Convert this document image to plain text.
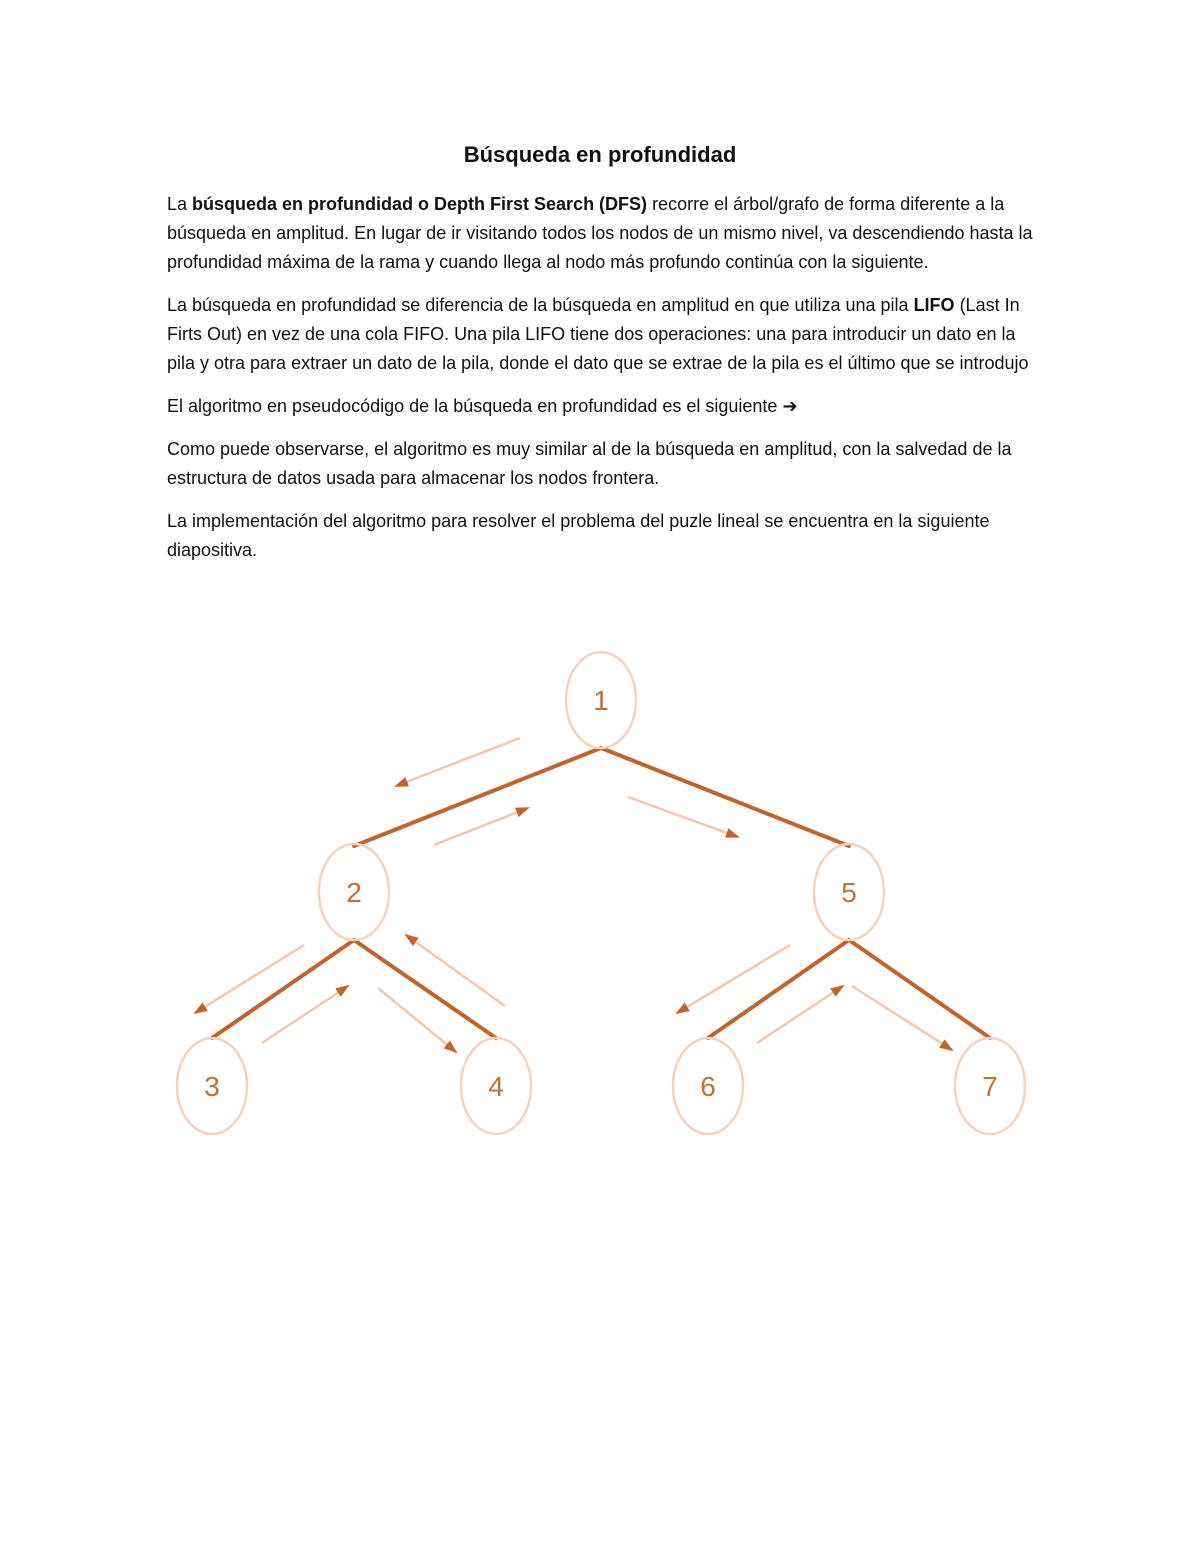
Búsqueda en profundidad

La búsqueda en profundidad o Depth First Search (DFS) recorre el árbol/grafo de forma diferente a la búsqueda en amplitud. En lugar de ir visitando todos los nodos de un mismo nivel, va descendiendo hasta la profundidad máxima de la rama y cuando llega al nodo más profundo continúa con la siguiente.

La búsqueda en profundidad se diferencia de la búsqueda en amplitud en que utiliza una pila LIFO (Last In Firts Out) en vez de una cola FIFO. Una pila LIFO tiene dos operaciones: una para introducir un dato en la pila y otra para extraer un dato de la pila, donde el dato que se extrae de la pila es el último que se introdujo

El algoritmo en pseudocódigo de la búsqueda en profundidad es el siguiente ➔

Como puede observarse, el algoritmo es muy similar al de la búsqueda en amplitud, con la salvedad de la estructura de datos usada para almacenar los nodos frontera.

La implementación del algoritmo para resolver el problema del puzle lineal se encuentra en la siguiente diapositiva.

1
2	5
3	4	6	7
